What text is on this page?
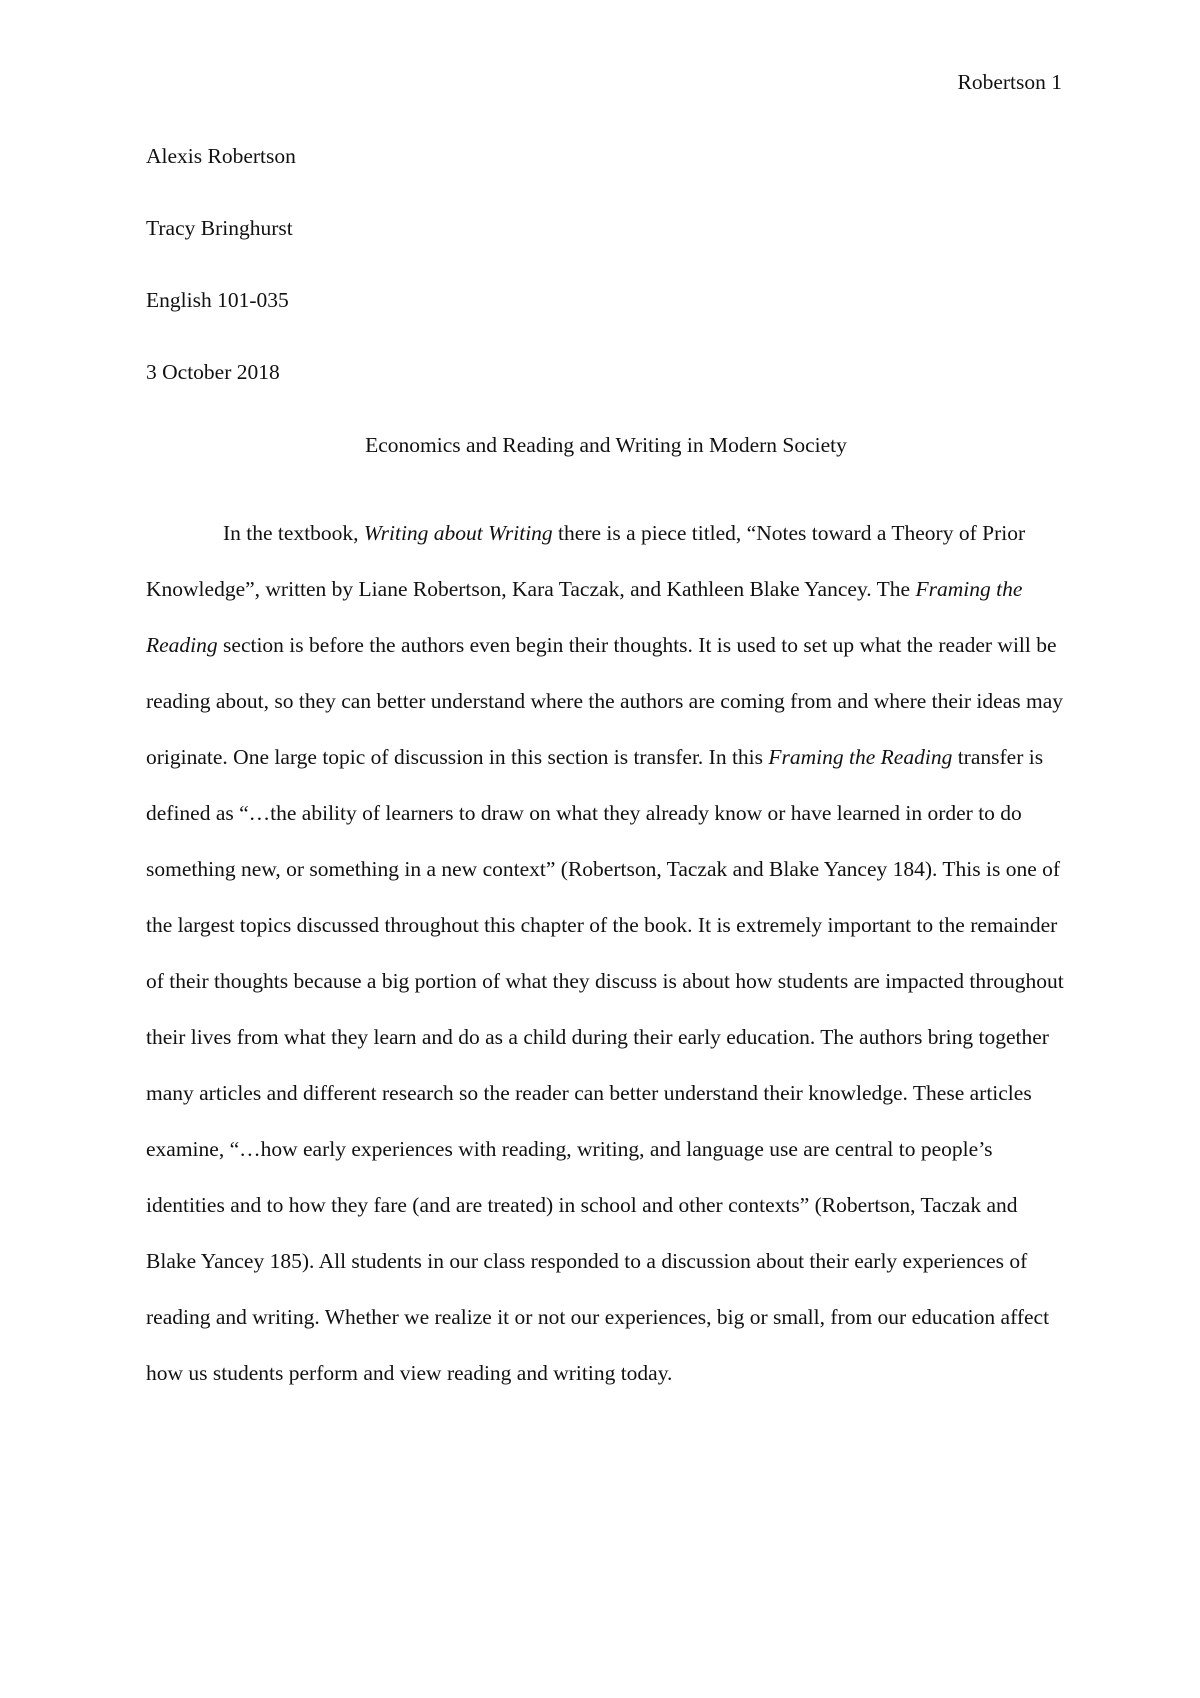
Robertson 1
Alexis Robertson
Tracy Bringhurst
English 101-035
3 October 2018
Economics and Reading and Writing in Modern Society

In the textbook, Writing about Writing there is a piece titled, “Notes toward a Theory of Prior Knowledge”, written by Liane Robertson, Kara Taczak, and Kathleen Blake Yancey. The Framing the Reading section is before the authors even begin their thoughts. It is used to set up what the reader will be reading about, so they can better understand where the authors are coming from and where their ideas may originate. One large topic of discussion in this section is transfer. In this Framing the Reading transfer is defined as “…the ability of learners to draw on what they already know or have learned in order to do something new, or something in a new context” (Robertson, Taczak and Blake Yancey 184). This is one of the largest topics discussed throughout this chapter of the book. It is extremely important to the remainder of their thoughts because a big portion of what they discuss is about how students are impacted throughout their lives from what they learn and do as a child during their early education. The authors bring together many articles and different research so the reader can better understand their knowledge. These articles examine, “…how early experiences with reading, writing, and language use are central to people’s identities and to how they fare (and are treated) in school and other contexts” (Robertson, Taczak and Blake Yancey 185). All students in our class responded to a discussion about their early experiences of reading and writing. Whether we realize it or not our experiences, big or small, from our education affect how us students perform and view reading and writing today.
